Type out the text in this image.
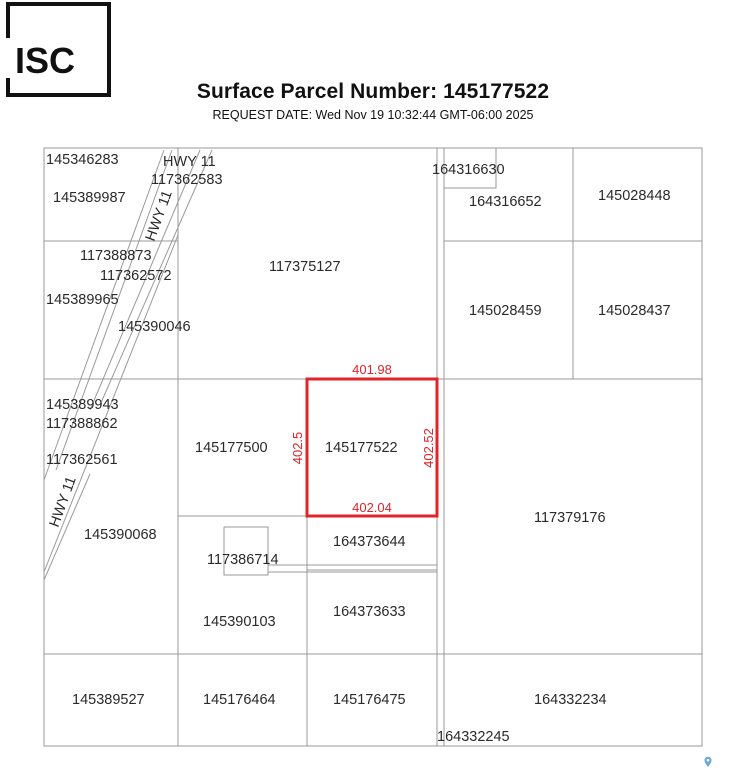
ISC
Surface Parcel Number: 145177522
REQUEST DATE: Wed Nov 19 10:32:44 GMT-06:00 2025
401.98
402.04
402.5	402.52
HWY 11
HWY 11
HWY 11
145346283
117362583
145389987
164316630
164316652	145028448
117388873
117362572
117375127
145389965
145390046
145028459	145028437
145389943
117388862
145177500	145177522
117362561
117379176
145390068	164373644
117386714
164373633
145390103
145389527	145176464	145176475	164332234
164332245
